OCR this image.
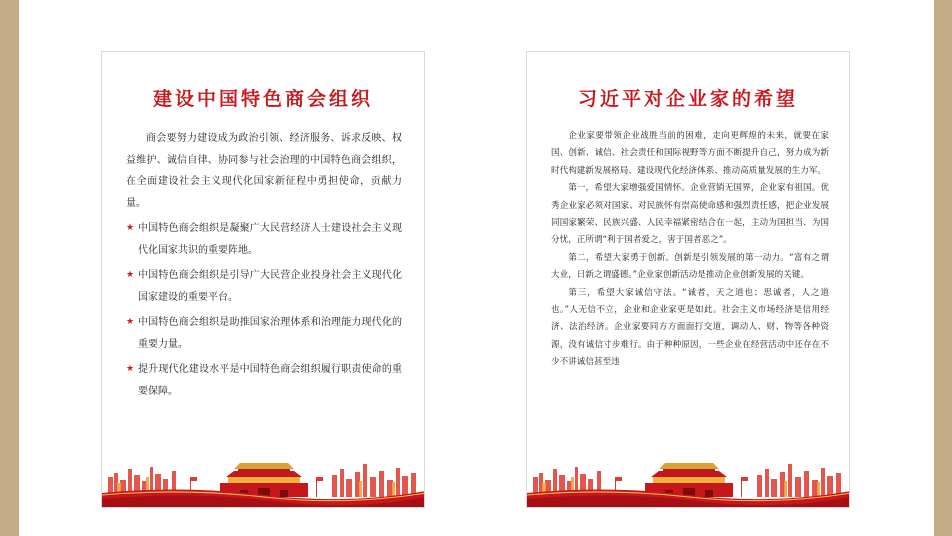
建设中国特色商会组织

商会要努力建设成为政治引领、经济服务、诉求反映、权益维护、诚信自律、协同参与社会治理的中国特色商会组织，在全面建设社会主义现代化国家新征程中勇担使命，贡献力量。

★ 中国特色商会组织是凝聚广大民营经济人士建设社会主义现代化国家共识的重要阵地。
★ 中国特色商会组织是引导广大民营企业投身社会主义现代化国家建设的重要平台。
★ 中国特色商会组织是助推国家治理体系和治理能力现代化的重要力量。
★ 提升现代化建设水平是中国特色商会组织履行职责使命的重要保障。
习近平对企业家的希望

企业家要带领企业战胜当前的困难，走向更辉煌的未来，就要在家国、创新、诚信、社会责任和国际视野等方面不断提升自己，努力成为新时代构建新发展格局、建设现代化经济体系、推动高质量发展的生力军。

第一，希望大家增强爱国情怀。企业营销无国界，企业家有祖国。优秀企业家必须对国家、对民族怀有崇高使命感和强烈责任感，把企业发展同国家繁荣、民族兴盛、人民幸福紧密结合在一起，主动为国担当、为国分忧，正所谓“利于国者爱之，害于国者恶之”。

第二，希望大家勇于创新。创新是引领发展的第一动力。“富有之谓大业，日新之谓盛德。”企业家创新活动是推动企业创新发展的关键。

第三，希望大家诚信守法。“诚者，天之道也；思诚者，人之道也。”人无信不立，企业和企业家更是如此。社会主义市场经济是信用经济、法治经济。企业家要同方方面面打交道，调动人、财、物等各种资源，没有诚信寸步难行。由于种种原因，一些企业在经营活动中还存在不少不讲诚信甚至违
